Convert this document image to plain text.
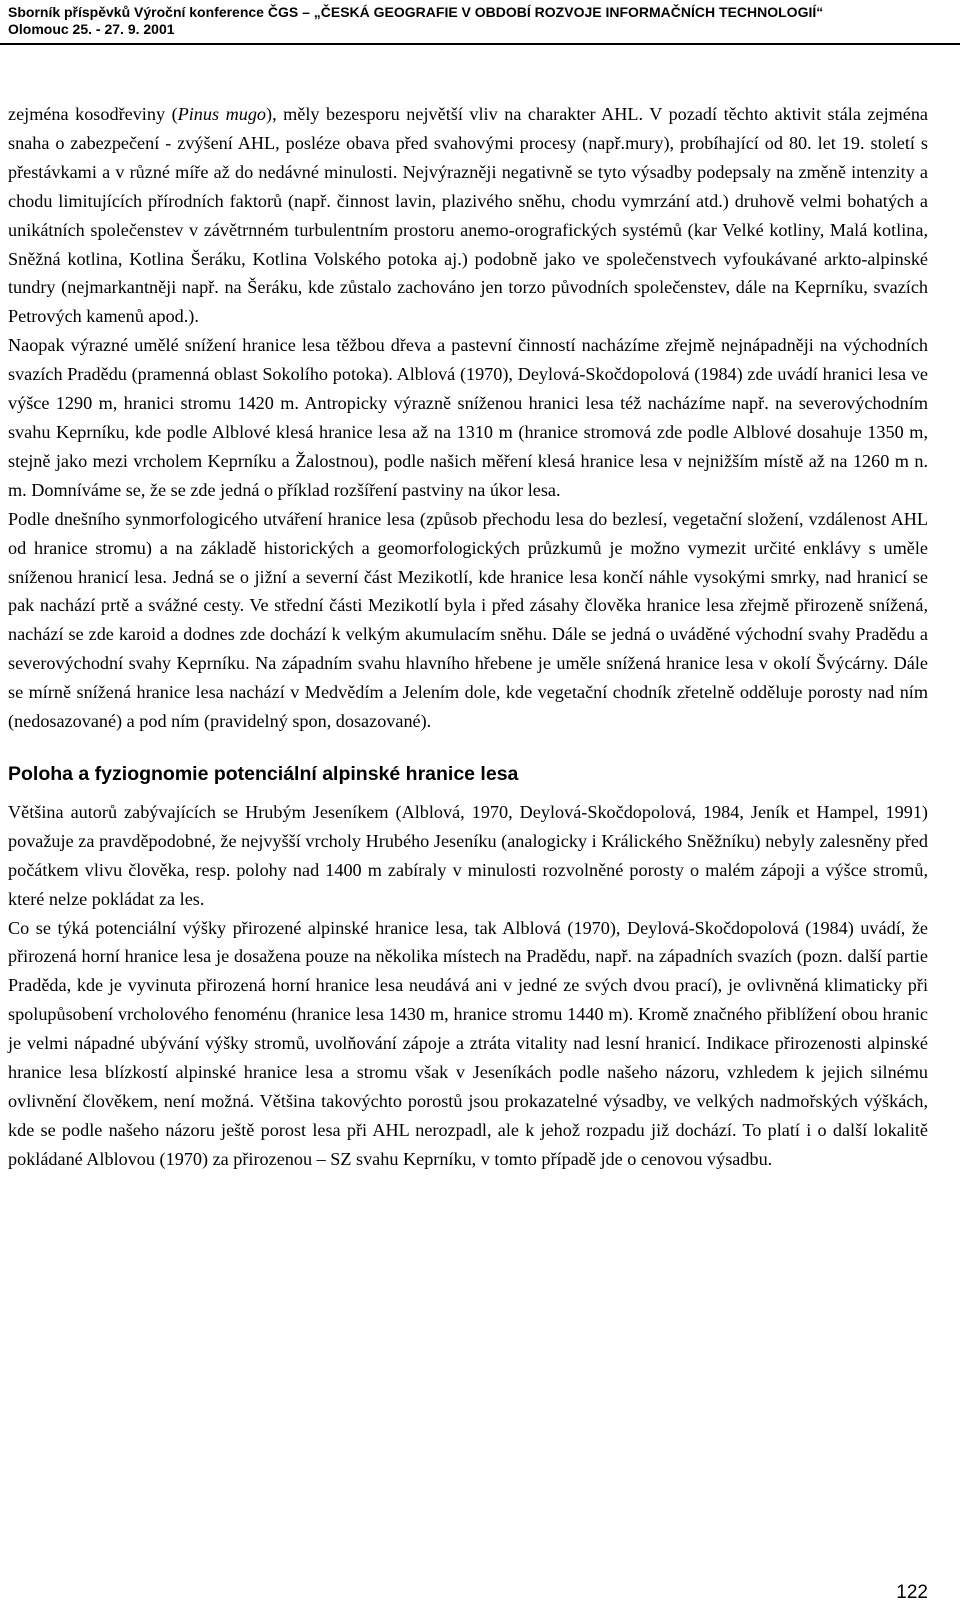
Sborník příspěvků Výroční konference ČGS – „ČESKÁ GEOGRAFIE V OBDOBÍ ROZVOJE INFORMAČNÍCH TECHNOLOGIÍ“
Olomouc 25. - 27. 9. 2001

zejména kosodřeviny (Pinus mugo), měly bezesporu největší vliv na charakter AHL. V pozadí těchto aktivit stála zejména snaha o zabezpečení - zvýšení AHL, posléze obava před svahovými procesy (např.mury), probíhající od 80. let 19. století s přestávkami a v různé míře až do nedávné minulosti. Nejvýrazněji negativně se tyto výsadby podepsaly na změně intenzity a chodu limitujících přírodních faktorů (např. činnost lavin, plazivého sněhu, chodu vymrzání atd.) druhově velmi bohatých a unikátních společenstev v závětrnném turbulentním prostoru anemo-orografických systémů (kar Velké kotliny, Malá kotlina, Sněžná kotlina, Kotlina Šeráku, Kotlina Volského potoka aj.) podobně jako ve společenstvech vyfoukávané arkto-alpinské tundry (nejmarkantněji např. na Šeráku, kde zůstalo zachováno jen torzo původních společenstev, dále na Keprníku, svazích Petrových kamenů apod.).

Naopak výrazné umělé snížení hranice lesa těžbou dřeva a pastevní činností nacházíme zřejmě nejnápadněji na východních svazích Pradědu (pramenná oblast Sokolího potoka). Alblová (1970), Deylová-Skočdopolová (1984) zde uvádí hranici lesa ve výšce 1290 m, hranici stromu 1420 m. Antropicky výrazně sníženou hranici lesa též nacházíme např. na severovýchodním svahu Keprníku, kde podle Alblové klesá hranice lesa až na 1310 m (hranice stromová zde podle Alblové dosahuje 1350 m, stejně jako mezi vrcholem Keprníku a Žalostnou), podle našich měření klesá hranice lesa v nejnižším místě až na 1260 m n. m. Domníváme se, že se zde jedná o příklad rozšíření pastviny na úkor lesa.

Podle dnešního synmorfologicého utváření hranice lesa (způsob přechodu lesa do bezlesí, vegetační složení, vzdálenost AHL od hranice stromu) a na základě historických a geomorfologických průzkumů je možno vymezit určité enklávy s uměle sníženou hranicí lesa. Jedná se o jižní a severní část Mezikotlí, kde hranice lesa končí náhle vysokými smrky, nad hranicí se pak nachází prtě a svážné cesty. Ve střední části Mezikotlí byla i před zásahy člověka hranice lesa zřejmě přirozeně snížená, nachází se zde karoid a dodnes zde dochází k velkým akumulacím sněhu. Dále se jedná o uváděné východní svahy Pradědu a severovýchodní svahy Keprníku. Na západním svahu hlavního hřebene je uměle snížená hranice lesa v okolí Švýcárny. Dále se mírně snížená hranice lesa nachází v Medvědím a Jelením dole, kde vegetační chodník zřetelně odděluje porosty nad ním (nedosazované) a pod ním (pravidelný spon, dosazované).

Poloha a fyziognomie potenciální alpinské hranice lesa

Většina autorů zabývajících se Hrubým Jeseníkem (Alblová, 1970, Deylová-Skočdopolová, 1984, Jeník et Hampel, 1991) považuje za pravděpodobné, že nejvyšší vrcholy Hrubého Jeseníku (analogicky i Králického Sněžníku) nebyly zalesněny před počátkem vlivu člověka, resp. polohy nad 1400 m zabíraly v minulosti rozvolněné porosty o malém zápoji a výšce stromů, které nelze pokládat za les.

Co se týká potenciální výšky přirozené alpinské hranice lesa, tak Alblová (1970), Deylová-Skočdopolová (1984) uvádí, že přirozená horní hranice lesa je dosažena pouze na několika místech na Pradědu, např. na západních svazích (pozn. další partie Praděda, kde je vyvinuta přirozená horní hranice lesa neudává ani v jedné ze svých dvou prací), je ovlivněná klimaticky při spolupůsobení vrcholového fenoménu (hranice lesa 1430 m, hranice stromu 1440 m). Kromě značného přiblížení obou hranic je velmi nápadné ubývání výšky stromů, uvolňování zápoje a ztráta vitality nad lesní hranicí. Indikace přirozenosti alpinské hranice lesa blízkostí alpinské hranice lesa a stromu však v Jeseníkách podle našeho názoru, vzhledem k jejich silnému ovlivnění člověkem, není možná. Většina takovýchto porostů jsou prokazatelné výsadby, ve velkých nadmořských výškách, kde se podle našeho názoru ještě porost lesa při AHL nerozpadl, ale k jehož rozpadu již dochází. To platí i o další lokalitě pokládané Alblovou (1970) za přirozenou – SZ svahu Keprníku, v tomto případě jde o cenovou výsadbu.

122
